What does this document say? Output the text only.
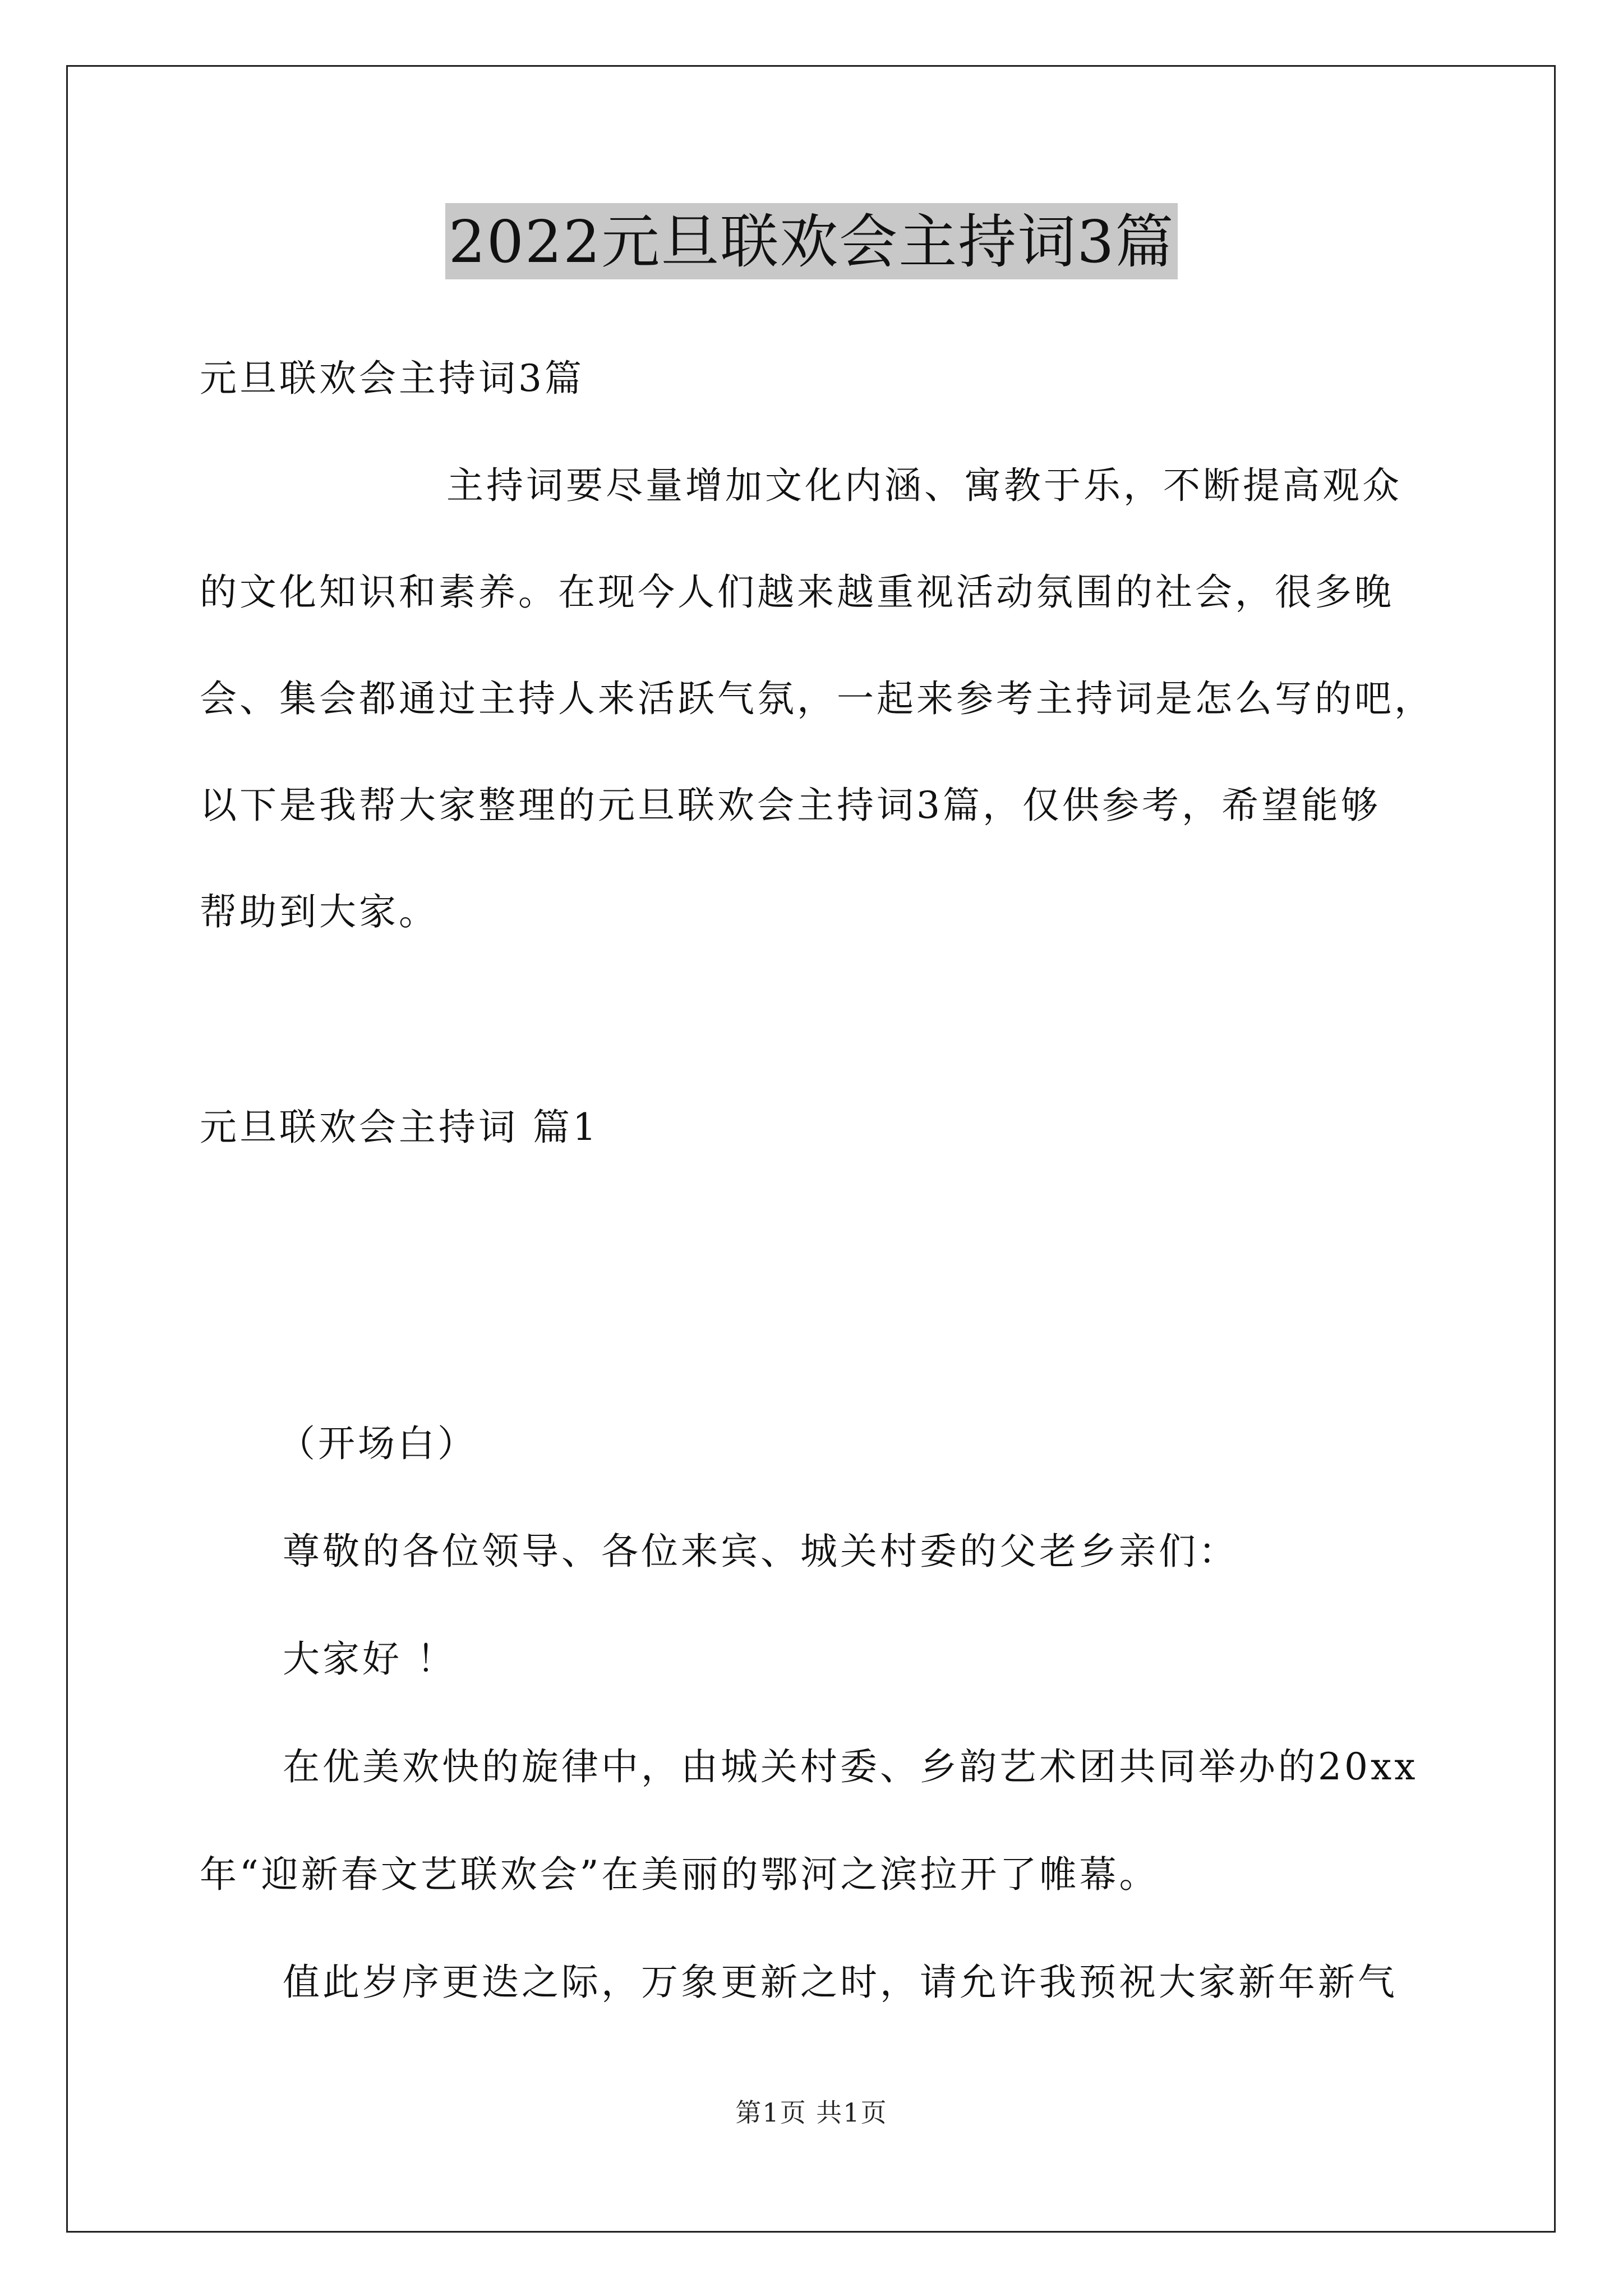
2022元旦联欢会主持词3篇
元旦联欢会主持词3篇
主持词要尽量增加文化内涵、寓教于乐，不断提高观众
的文化知识和素养。在现今人们越来越重视活动氛围的社会，很多晚
会、集会都通过主持人来活跃气氛，一起来参考主持词是怎么写的吧，
以下是我帮大家整理的元旦联欢会主持词3篇，仅供参考，希望能够
帮助到大家。
元旦联欢会主持词 篇1
（开场白）
尊敬的各位领导、各位来宾、城关村委的父老乡亲们：
大家好 ！
在优美欢快的旋律中，由城关村委、乡韵艺术团共同举办的20xx
年“迎新春文艺联欢会”在美丽的鄂河之滨拉开了帷幕。
值此岁序更迭之际，万象更新之时，请允许我预祝大家新年新气
第1页 共1页
